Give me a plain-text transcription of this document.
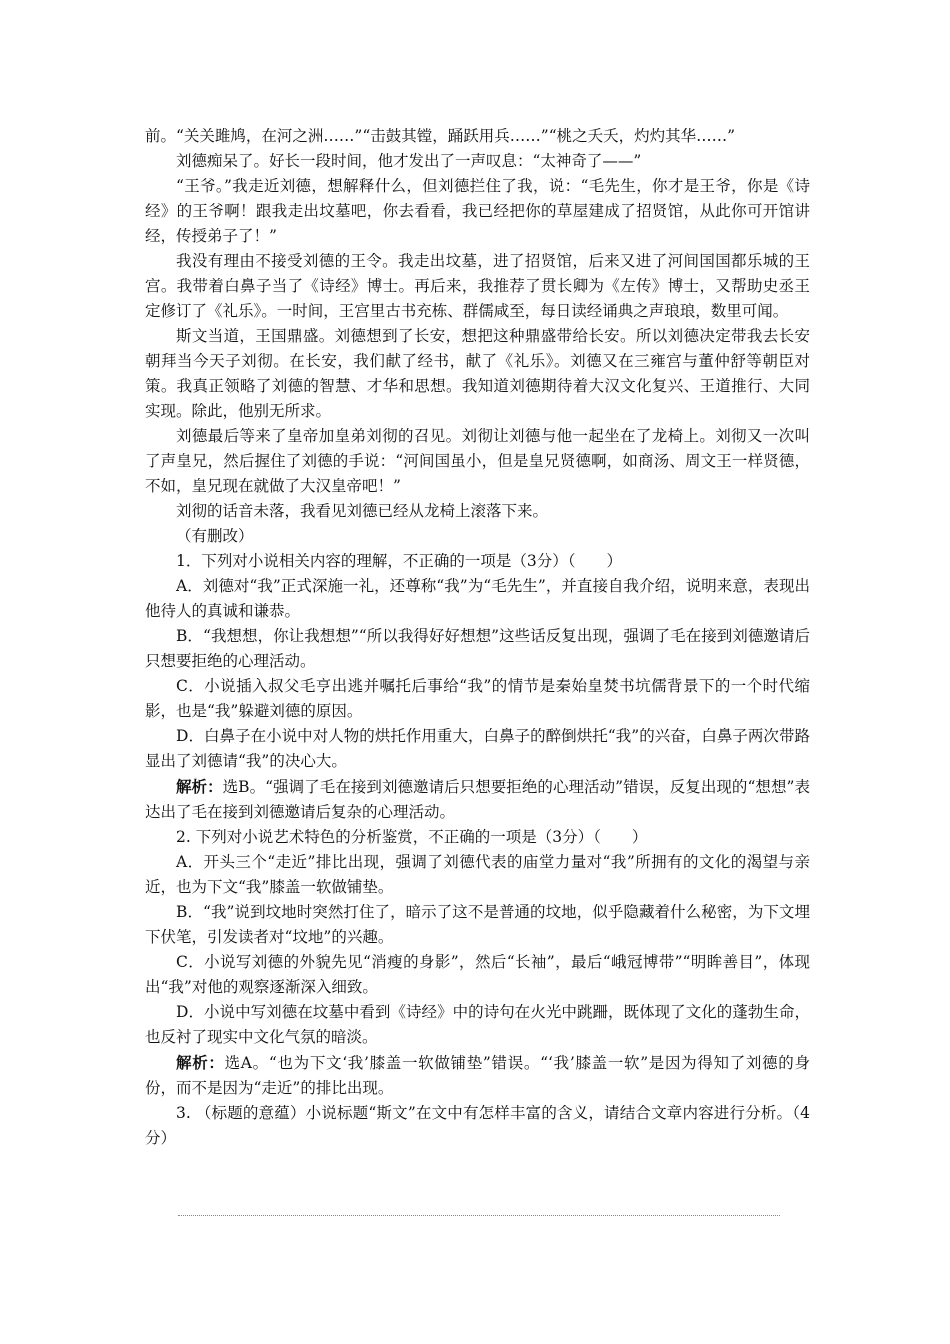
前。“关关雎鸠，在河之洲……”“击鼓其镗，踊跃用兵……”“桃之夭夭，灼灼其华……”

刘德痴呆了。好长一段时间，他才发出了一声叹息：“太神奇了——”

“王爷。”我走近刘德，想解释什么，但刘德拦住了我，说：“毛先生，你才是王爷，你是《诗经》的王爷啊！跟我走出坟墓吧，你去看看，我已经把你的草屋建成了招贤馆，从此你可开馆讲经，传授弟子了！”

我没有理由不接受刘德的王令。我走出坟墓，进了招贤馆，后来又进了河间国国都乐城的王宫。我带着白鼻子当了《诗经》博士。再后来，我推荐了贯长卿为《左传》博士，又帮助史丞王定修订了《礼乐》。一时间，王宫里古书充栋、群儒咸至，每日读经诵典之声琅琅，数里可闻。

斯文当道，王国鼎盛。刘德想到了长安，想把这种鼎盛带给长安。所以刘德决定带我去长安朝拜当今天子刘彻。在长安，我们献了经书，献了《礼乐》。刘德又在三雍宫与董仲舒等朝臣对策。我真正领略了刘德的智慧、才华和思想。我知道刘德期待着大汉文化复兴、王道推行、大同实现。除此，他别无所求。

刘德最后等来了皇帝加皇弟刘彻的召见。刘彻让刘德与他一起坐在了龙椅上。刘彻又一次叫了声皇兄，然后握住了刘德的手说：“河间国虽小，但是皇兄贤德啊，如商汤、周文王一样贤德，不如，皇兄现在就做了大汉皇帝吧！”

刘彻的话音未落，我看见刘德已经从龙椅上滚落下来。

（有删改）

1．下列对小说相关内容的理解，不正确的一项是（3分）（　　）

A．刘德对“我”正式深施一礼，还尊称“我”为“毛先生”，并直接自我介绍，说明来意，表现出他待人的真诚和谦恭。

B．“我想想，你让我想想”“所以我得好好想想”这些话反复出现，强调了毛在接到刘德邀请后只想要拒绝的心理活动。

C．小说插入叔父毛亨出逃并嘱托后事给“我”的情节是秦始皇焚书坑儒背景下的一个时代缩影，也是“我”躲避刘德的原因。

D．白鼻子在小说中对人物的烘托作用重大，白鼻子的醉倒烘托“我”的兴奋，白鼻子两次带路显出了刘德请“我”的决心大。

解析：选B。“强调了毛在接到刘德邀请后只想要拒绝的心理活动”错误，反复出现的“想想”表达出了毛在接到刘德邀请后复杂的心理活动。

2. 下列对小说艺术特色的分析鉴赏，不正确的一项是（3分）（　　）

A．开头三个“走近”排比出现，强调了刘德代表的庙堂力量对“我”所拥有的文化的渴望与亲近，也为下文“我”膝盖一软做铺垫。

B．“我”说到坟地时突然打住了，暗示了这不是普通的坟地，似乎隐藏着什么秘密，为下文埋下伏笔，引发读者对“坟地”的兴趣。

C．小说写刘德的外貌先见“消瘦的身影”，然后“长袖”，最后“峨冠博带”“明眸善目”，体现出“我”对他的观察逐渐深入细致。

D．小说中写刘德在坟墓中看到《诗经》中的诗句在火光中跳跚，既体现了文化的蓬勃生命，也反衬了现实中文化气氛的暗淡。

解析：选A。“也为下文‘我’膝盖一软做铺垫”错误。“‘我’膝盖一软”是因为得知了刘德的身份，而不是因为“走近”的排比出现。

3. （标题的意蕴）小说标题“斯文”在文中有怎样丰富的含义，请结合文章内容进行分析。（4分）
